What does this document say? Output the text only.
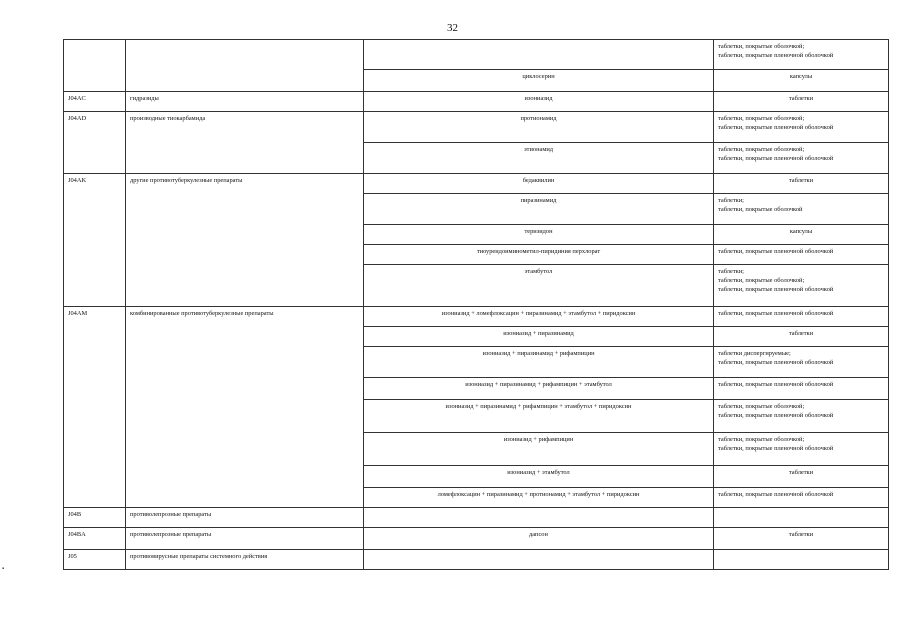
32
			таблетки, покрытые оболочкой;
таблетки, покрытые пленочной оболочкой
		циклосерин	капсулы
J04AC	гидразиды	изониазид	таблетки
J04AD	производные тиокарбамида	протионамид	таблетки, покрытые оболочкой;
таблетки, покрытые пленочной оболочкой
		этионамид	таблетки, покрытые оболочкой;
таблетки, покрытые пленочной оболочкой
J04AK	другие противотуберкулезные препараты	бедаквилин	таблетки
		пиразинамид	таблетки;
таблетки, покрытые оболочкой
		теризидон	капсулы
		тиоуреидоиминометил-пиридиния перхлорат	таблетки, покрытые пленочной оболочкой
		этамбутол	таблетки;
таблетки, покрытые оболочкой;
таблетки, покрытые пленочной оболочкой
J04AM	комбинированные противотуберкулезные препараты	изониазид + ломефлоксацин + пиразинамид + этамбутол + пиридоксин	таблетки, покрытые пленочной оболочкой
		изониазид + пиразинамид	таблетки
		изониазид + пиразинамид + рифампицин	таблетки диспергируемые;
таблетки, покрытые пленочной оболочкой
		изониазид + пиразинамид + рифампицин + этамбутол	таблетки, покрытые пленочной оболочкой
		изониазид + пиразинамид + рифампицин + этамбутол + пиридоксин	таблетки, покрытые оболочкой;
таблетки, покрытые пленочной оболочкой
		изониазид + рифампицин	таблетки, покрытые оболочкой;
таблетки, покрытые пленочной оболочкой
		изониазид + этамбутол	таблетки
		ломефлоксацин + пиразинамид + протионамид + этамбутол + пиридоксин	таблетки, покрытые пленочной оболочкой
J04B	противолепрозные препараты		
J04BA	противолепрозные препараты	дапсон	таблетки
J05	противовирусные препараты системного действия		
▪
